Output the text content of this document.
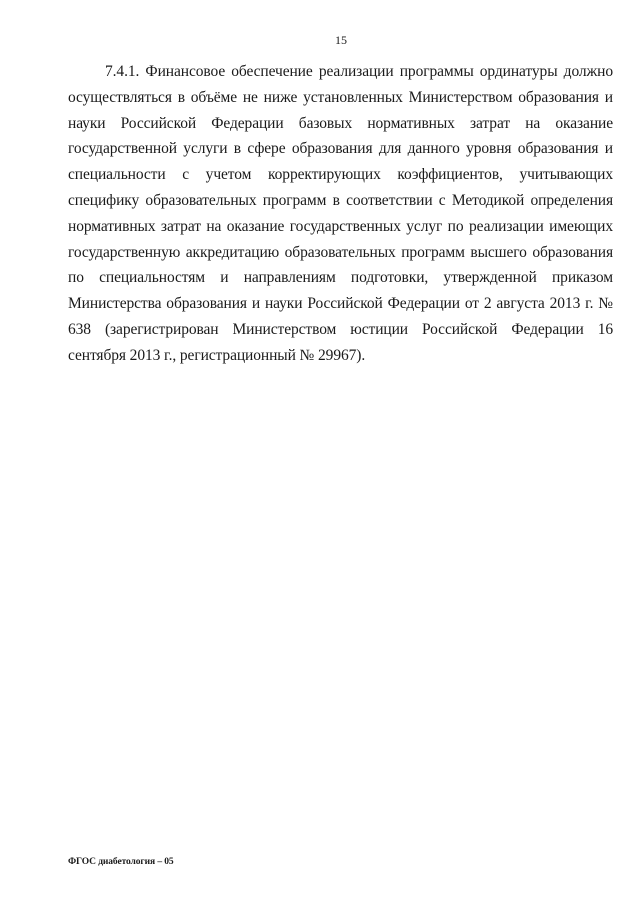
15

7.4.1. Финансовое обеспечение реализации программы ординатуры должно осуществляться в объёме не ниже установленных Министерством образования и науки Российской Федерации базовых нормативных затрат на оказание государственной услуги в сфере образования для данного уровня образования и специальности с учетом корректирующих коэффициентов, учитывающих специфику образовательных программ в соответствии с Методикой определения нормативных затрат на оказание государственных услуг по реализации имеющих государственную аккредитацию образовательных программ высшего образования по специальностям и направлениям подготовки, утвержденной приказом Министерства образования и науки Российской Федерации от 2 августа 2013 г. № 638 (зарегистрирован Министерством юстиции Российской Федерации 16 сентября 2013 г., регистрационный № 29967).

ФГОС диабетология – 05
